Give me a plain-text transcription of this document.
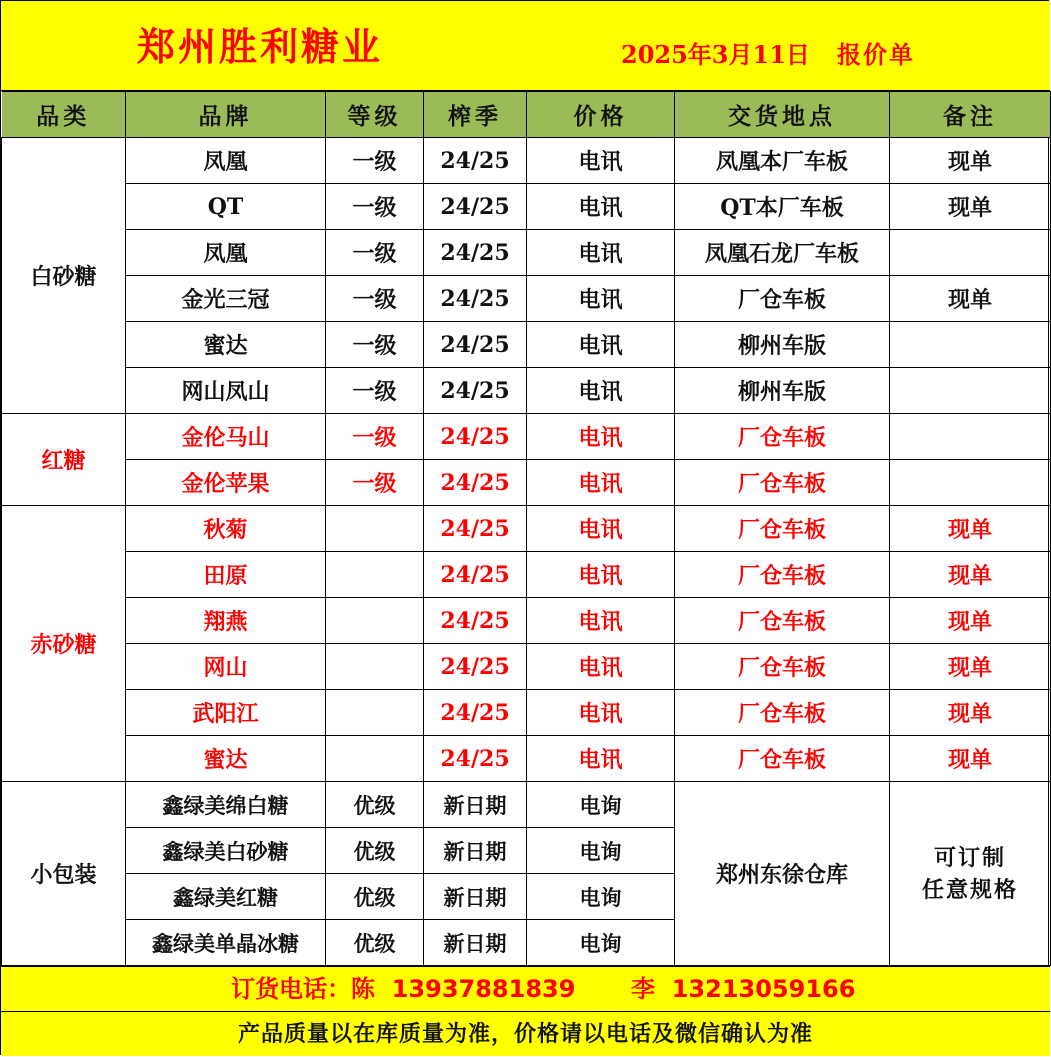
郑州胜利糖业	2025年3月11日 报价单
品类	品牌	等级	榨季	价格	交货地点	备注
白砂糖	凤凰	一级	24/25	电讯	凤凰本厂车板	现单
	QT	一级	24/25	电讯	QT本厂车板	现单
	凤凰	一级	24/25	电讯	凤凰石龙厂车板	
	金光三冠	一级	24/25	电讯	厂仓车板	现单
	蜜达	一级	24/25	电讯	柳州车版	
	网山凤山	一级	24/25	电讯	柳州车版	
红糖	金伦马山	一级	24/25	电讯	厂仓车板	
	金伦苹果	一级	24/25	电讯	厂仓车板	
赤砂糖	秋菊		24/25	电讯	厂仓车板	现单
	田原		24/25	电讯	厂仓车板	现单
	翔燕		24/25	电讯	厂仓车板	现单
	网山		24/25	电讯	厂仓车板	现单
	武阳江		24/25	电讯	厂仓车板	现单
	蜜达		24/25	电讯	厂仓车板	现单
小包装	鑫绿美绵白糖	优级	新日期	电询	郑州东徐仓库	可订制
任意规格

	鑫绿美白砂糖	优级	新日期	电询		
	鑫绿美红糖	优级	新日期	电询		
	鑫绿美单晶冰糖	优级	新日期	电询		
订货电话：陈 13937881839 李 13213059166
产品质量以在库质量为准，价格请以电话及微信确认为准
